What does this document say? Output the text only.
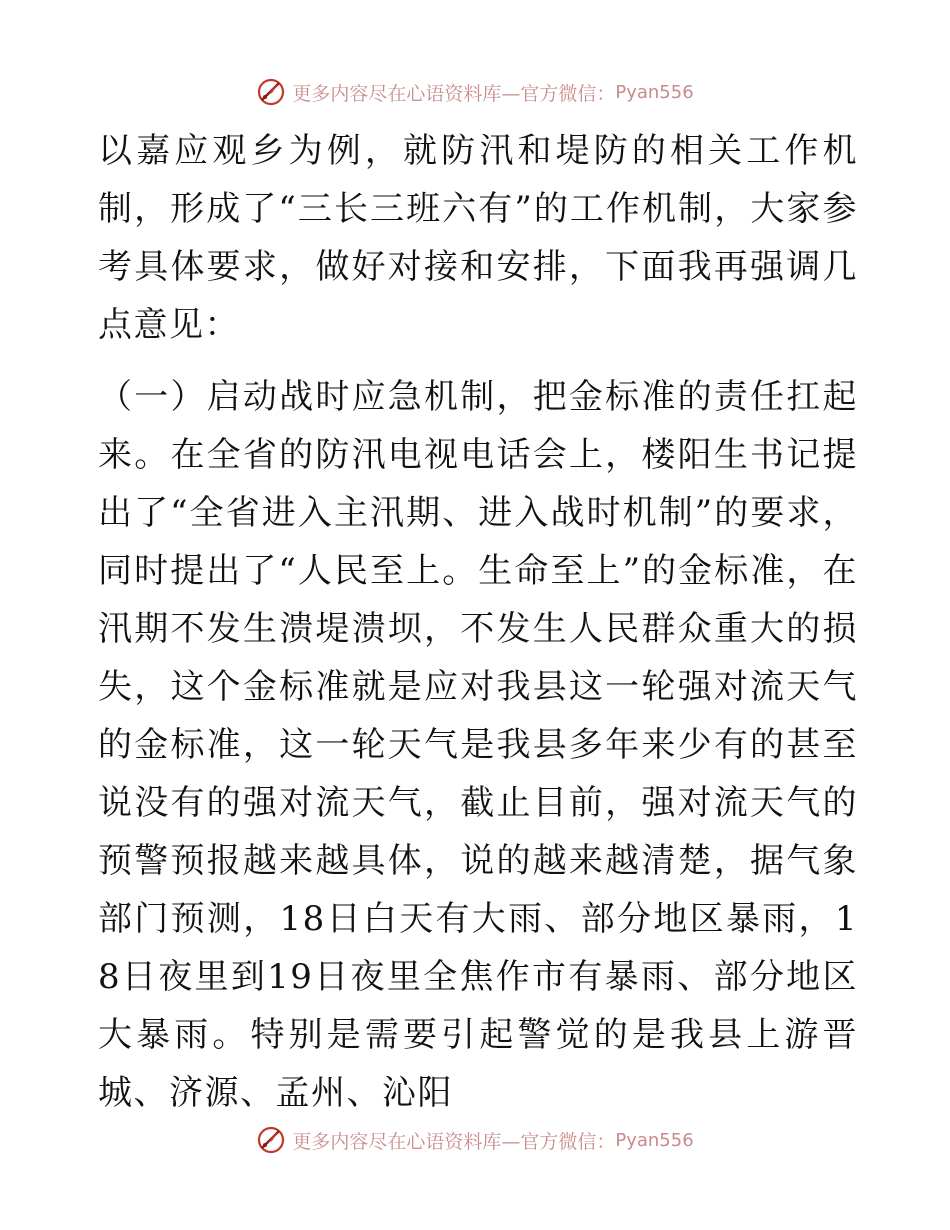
更多内容尽在心语资料库—官方微信： Pyan556

以嘉应观乡为例，就防汛和堤防的相关工作机制，形成了“三长三班六有”的工作机制，大家参考具体要求，做好对接和安排，下面我再强调几点意见：

（一）启动战时应急机制，把金标准的责任扛起来。在全省的防汛电视电话会上，楼阳生书记提出了“全省进入主汛期、进入战时机制”的要求，同时提出了“人民至上。生命至上”的金标准，在汛期不发生溃堤溃坝，不发生人民群众重大的损失，这个金标准就是应对我县这一轮强对流天气的金标准，这一轮天气是我县多年来少有的甚至说没有的强对流天气，截止目前，强对流天气的预警预报越来越具体，说的越来越清楚，据气象部门预测，18日白天有大雨、部分地区暴雨，18日夜里到19日夜里全焦作市有暴雨、部分地区大暴雨。特别是需要引起警觉的是我县上游晋城、济源、孟州、沁阳

更多内容尽在心语资料库—官方微信： Pyan556
